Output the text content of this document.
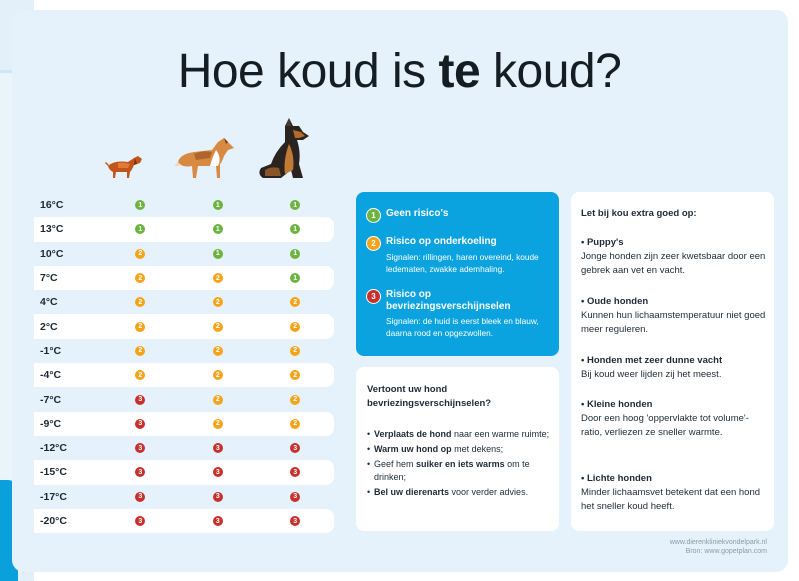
Hoe koud is te koud?
16°C	1	1	1
13°C	1	1	1
10°C	2	1	1
7°C	2	2	1
4°C	2	2	2
2°C	2	2	2
-1°C	2	2	2
-4°C	2	2	2
-7°C	3	2	2
-9°C	3	2	2
-12°C	3	3	3
-15°C	3	3	3
-17°C	3	3	3
-20°C	3	3	3
1	Geen risico's
2	Risico op onderkoeling
Signalen: rillingen, haren overeind, koude ledematen, zwakke ademhaling.
3	Risico op bevriezingsverschijnselen
Signalen: de huid is eerst bleek en blauw, daarna rood en opgezwollen.
Vertoont uw hond bevriezingsverschijnselen?
• Verplaats de hond naar een warme ruimte;
• Warm uw hond op met dekens;
• Geef hem suiker en iets warms om te drinken;
• Bel uw dierenarts voor verder advies.
Let bij kou extra goed op:
• Puppy's
Jonge honden zijn zeer kwetsbaar door een gebrek aan vet en vacht.
• Oude honden
Kunnen hun lichaamstemperatuur niet goed meer reguleren.
• Honden met zeer dunne vacht
Bij koud weer lijden zij het meest.
• Kleine honden
Door een hoog 'oppervlakte tot volume'-ratio, verliezen ze sneller warmte.
• Lichte honden
Minder lichaamsvet betekent dat een hond het sneller koud heeft.
www.dierenkliniekvondelpark.nl
Bron: www.gopetplan.com
